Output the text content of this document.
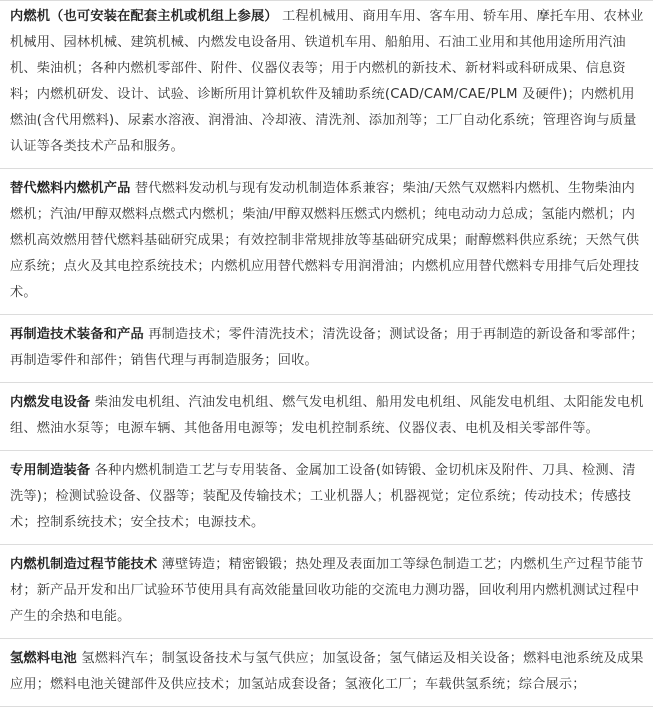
内燃机（也可安装在配套主机或机组上参展） 工程机械用、商用车用、客车用、轿车用、摩托车用、农林业机械用、园林机械、建筑机械、内燃发电设备用、铁道机车用、船舶用、石油工业用和其他用途所用汽油机、柴油机；各种内燃机零部件、附件、仪器仪表等；用于内燃机的新技术、新材料或科研成果、信息资料；内燃机研发、设计、试验、诊断所用计算机软件及辅助系统(CAD/CAM/CAE/PLM 及硬件)；内燃机用燃油(含代用燃料)、尿素水溶液、润滑油、冷却液、清洗剂、添加剂等；工厂自动化系统；管理咨询与质量认证等各类技术产品和服务。
替代燃料内燃机产品 替代燃料发动机与现有发动机制造体系兼容；柴油/天然气双燃料内燃机、生物柴油内燃机；汽油/甲醇双燃料点燃式内燃机；柴油/甲醇双燃料压燃式内燃机；纯电动动力总成；氢能内燃机；内燃机高效燃用替代燃料基础研究成果；有效控制非常规排放等基础研究成果；耐醇燃料供应系统；天然气供应系统；点火及其电控系统技术；内燃机应用替代燃料专用润滑油；内燃机应用替代燃料专用排气后处理技术。
再制造技术装备和产品 再制造技术；零件清洗技术；清洗设备；测试设备；用于再制造的新设备和零部件；再制造零件和部件；销售代理与再制造服务；回收。
内燃发电设备 柴油发电机组、汽油发电机组、燃气发电机组、船用发电机组、风能发电机组、太阳能发电机组、燃油水泵等；电源车辆、其他备用电源等；发电机控制系统、仪器仪表、电机及相关零部件等。
专用制造装备 各种内燃机制造工艺与专用装备、金属加工设备(如铸锻、金切机床及附件、刀具、检测、清洗等)；检测试验设备、仪器等；装配及传输技术；工业机器人；机器视觉；定位系统；传动技术；传感技术；控制系统技术；安全技术；电源技术。
内燃机制造过程节能技术 薄壁铸造；精密锻锻；热处理及表面加工等绿色制造工艺；内燃机生产过程节能节材；新产品开发和出厂试验环节使用具有高效能量回收功能的交流电力测功器，回收利用内燃机测试过程中产生的余热和电能。
氢燃料电池 氢燃料汽车；制氢设备技术与氢气供应；加氢设备；氢气储运及相关设备；燃料电池系统及成果应用；燃料电池关键部件及供应技术；加氢站成套设备；氢液化工厂；车载供氢系统；综合展示；
